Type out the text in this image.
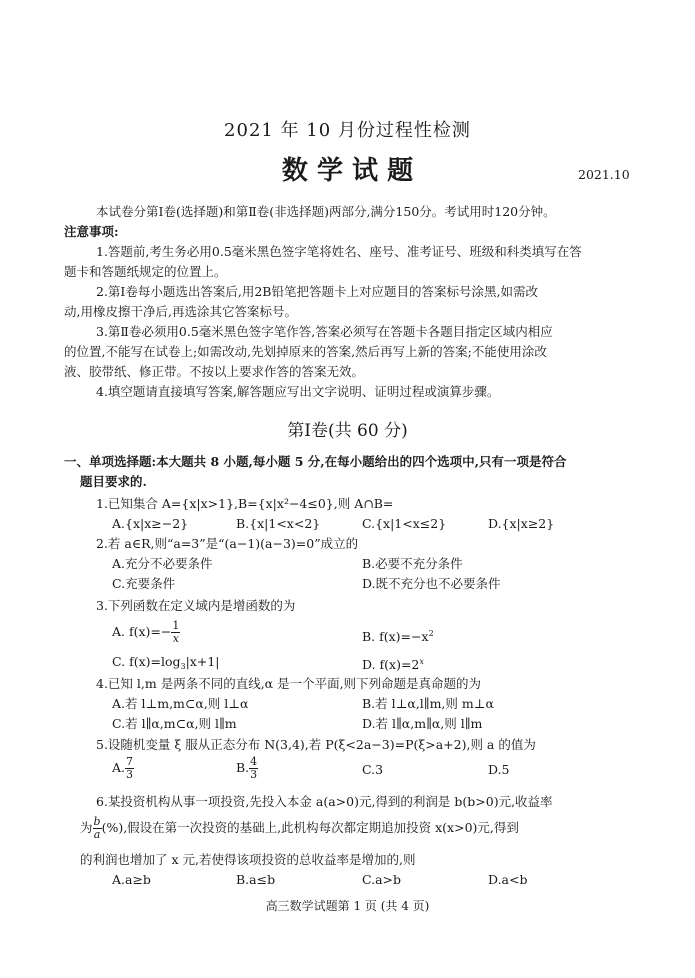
2021 年 10 月份过程性检测
数 学 试 题	2021.10
本试卷分第Ⅰ卷(选择题)和第Ⅱ卷(非选择题)两部分,满分150分。考试用时120分钟。
注意事项:
1.答题前,考生务必用0.5毫米黑色签字笔将姓名、座号、准考证号、班级和科类填写在答
题卡和答题纸规定的位置上。
2.第Ⅰ卷每小题选出答案后,用2B铅笔把答题卡上对应题目的答案标号涂黑,如需改
动,用橡皮擦干净后,再选涂其它答案标号。
3.第Ⅱ卷必须用0.5毫米黑色签字笔作答,答案必须写在答题卡各题目指定区域内相应
的位置,不能写在试卷上;如需改动,先划掉原来的答案,然后再写上新的答案;不能使用涂改
液、胶带纸、修正带。不按以上要求作答的答案无效。
4.填空题请直接填写答案,解答题应写出文字说明、证明过程或演算步骤。
第Ⅰ卷(共 60 分)
一、单项选择题:本大题共 8 小题,每小题 5 分,在每小题给出的四个选项中,只有一项是符合
题目要求的.
1.已知集合 A={x|x>1},B={x|x²−4≤0},则 A∩B=
A.{x|x≥−2}	B.{x|1<x<2}	C.{x|1<x≤2}	D.{x|x≥2}
2.若 a∈R,则“a=3”是“(a−1)(a−3)=0”成立的
A.充分不必要条件	B.必要不充分条件
C.充要条件	D.既不充分也不必要条件
3.下列函数在定义域内是增函数的为
A. $f(x)=- \frac{1}{x}$	B. $f(x)=-x^2$
C. $f(x)=\log_3|x+1|$	D. $f(x)=2^x$
4.已知 l,m 是两条不同的直线,α 是一个平面,则下列命题是真命题的为
A.若 l⊥m,m⊂α,则 l⊥α	B.若 l⊥α,l∥m,则 m⊥α
C.若 l∥α,m⊂α,则 l∥m	D.若 l∥α,m∥α,则 l∥m
5.设随机变量 ξ 服从正态分布 N(3,4),若 P(ξ<2a−3)=P(ξ>a+2),则 a 的值为
A. $\frac{7}{3}$	B. $\frac{4}{3}$	C.3	D.5
6.某投资机构从事一项投资,先投入本金 a(a>0)元,得到的利润是 b(b>0)元,收益率
为 $\frac{b}{a}$ (%),假设在第一次投资的基础上,此机构每次都定期追加投资 x(x>0)元,得到
的利润也增加了 x 元,若使得该项投资的总收益率是增加的,则
A.a≥b	B.a≤b	C.a>b	D.a<b
高三数学试题第 1 页 (共 4 页)
